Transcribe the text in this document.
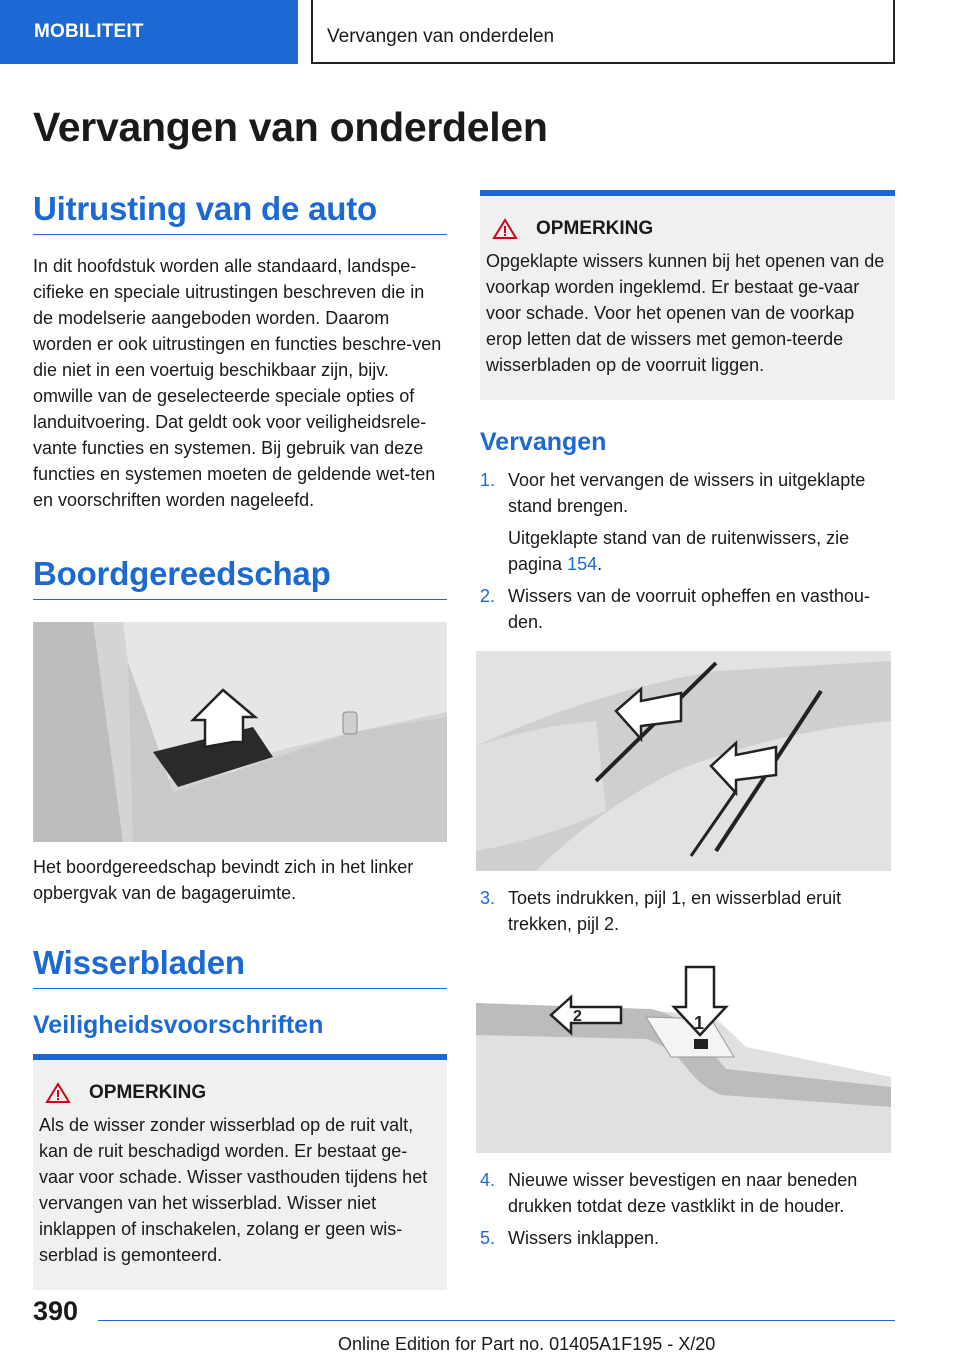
MOBILITEIT	Vervangen van onderdelen
Vervangen van onderdelen
Uitrusting van de auto

In dit hoofdstuk worden alle standaard, landspe-cifieke en speciale uitrustingen beschreven die in de modelserie aangeboden worden. Daarom worden er ook uitrustingen en functies beschre-ven die niet in een voertuig beschikbaar zijn, bijv. omwille van de geselecteerde speciale opties of landuitvoering. Dat geldt ook voor veiligheidsrele-vante functies en systemen. Bij gebruik van deze functies en systemen moeten de geldende wet-ten en voorschriften worden nageleefd.

Boordgereedschap

Het boordgereedschap bevindt zich in het linker opbergvak van de bagageruimte.

Wisserbladen
Veiligheidsvoorschriften
OPMERKING

Als de wisser zonder wisserblad op de ruit valt, kan de ruit beschadigd worden. Er bestaat ge-vaar voor schade. Wisser vasthouden tijdens het vervangen van het wisserblad. Wisser niet inklappen of inschakelen, zolang er geen wis-serblad is gemonteerd.

OPMERKING

Opgeklapte wissers kunnen bij het openen van de voorkap worden ingeklemd. Er bestaat ge-vaar voor schade. Voor het openen van de voorkap erop letten dat de wissers met gemon-teerde wisserbladen op de voorruit liggen.

Vervangen
1. Voor het vervangen de wissers in uitgeklapte stand brengen.
Uitgeklapte stand van de ruitenwissers, zie pagina 154.
2. Wissers van de voorruit opheffen en vasthou-den.
3. Toets indrukken, pijl 1, en wisserblad eruit trekken, pijl 2.
1
2
4. Nieuwe wisser bevestigen en naar beneden drukken totdat deze vastklikt in de houder.
5. Wissers inklappen.
390
Online Edition for Part no. 01405A1F195 - X/20
